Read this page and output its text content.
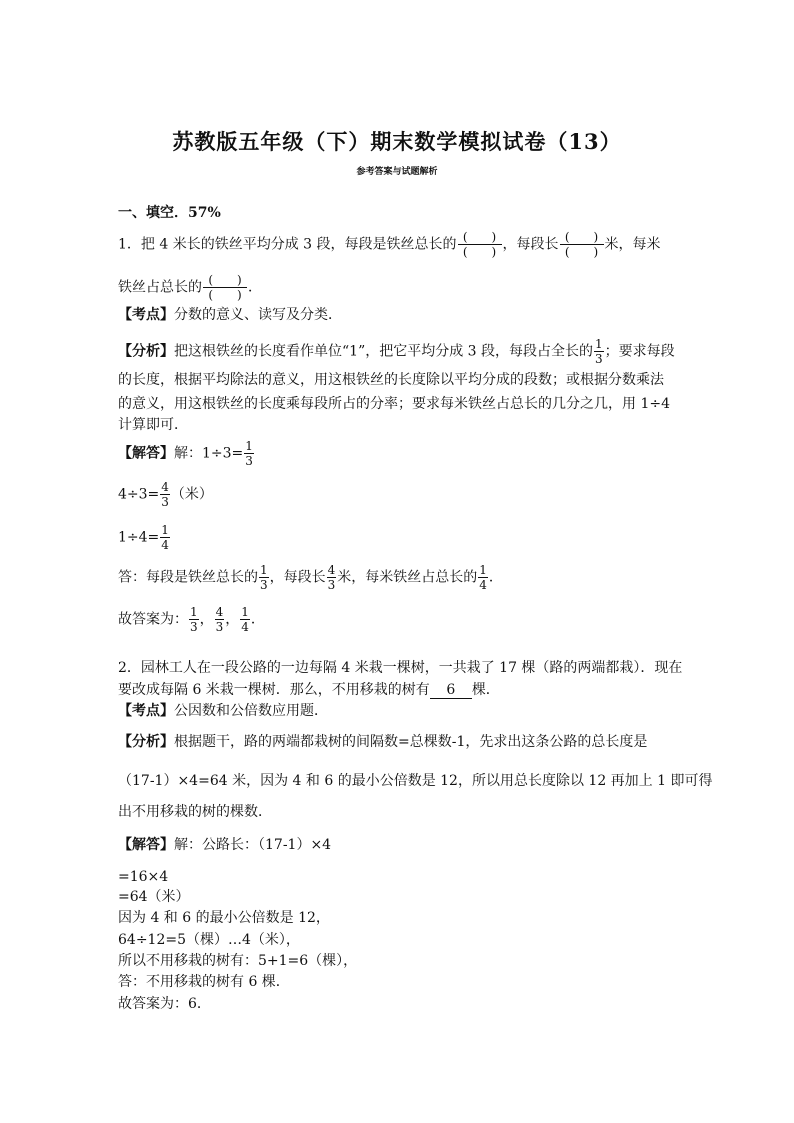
苏教版五年级（下）期末数学模拟试卷（13）
参考答案与试题解析
一、填空．57%
1．把 4 米长的铁丝平均分成 3 段，每段是铁丝总长的 $\frac{( )}{( )}$ ，每段长 $\frac{( )}{( )}$ 米，每米
铁丝占总长的 $\frac{( )}{( )}$ ．
【考点】分数的意义、读写及分类．
【分析】把这根铁丝的长度看作单位“1”，把它平均分成 3 段，每段占全长的 $\frac{1}{3}$ ；要求每段
的长度，根据平均除法的意义，用这根铁丝的长度除以平均分成的段数；或根据分数乘法
的意义，用这根铁丝的长度乘每段所占的分率；要求每米铁丝占总长的几分之几，用 1÷4
计算即可．
【解答】解：$1\div 3= \frac{1}{3}$
$4\div 3= \frac{4}{3}$ （米）
$1\div 4= \frac{1}{4}$
答：每段是铁丝总长的 $\frac{1}{3}$ ，每段长 $\frac{4}{3}$ 米，每米铁丝占总长的 $\frac{1}{4}$ ．
故答案为： $\frac{1}{3}$ ， $\frac{4}{3}$ ， $\frac{1}{4}$ ．
2．园林工人在一段公路的一边每隔 4 米栽一棵树，一共栽了 17 棵（路的两端都栽）．现在
要改成每隔 6 米栽一棵树．那么，不用移栽的树有 6 棵．
【考点】公因数和公倍数应用题．
【分析】根据题干，路的两端都栽树的间隔数=总棵数-1，先求出这条公路的总长度是
（17-1）×4=64 米，因为 4 和 6 的最小公倍数是 12，所以用总长度除以 12 再加上 1 即可得
出不用移栽的树的棵数．
【解答】解：公路长：（17-1）×4
=16×4
=64（米）
因为 4 和 6 的最小公倍数是 12，
64÷12=5（棵）…4（米），
所以不用移栽的树有：5+1=6（棵），
答：不用移栽的树有 6 棵．
故答案为：6．
